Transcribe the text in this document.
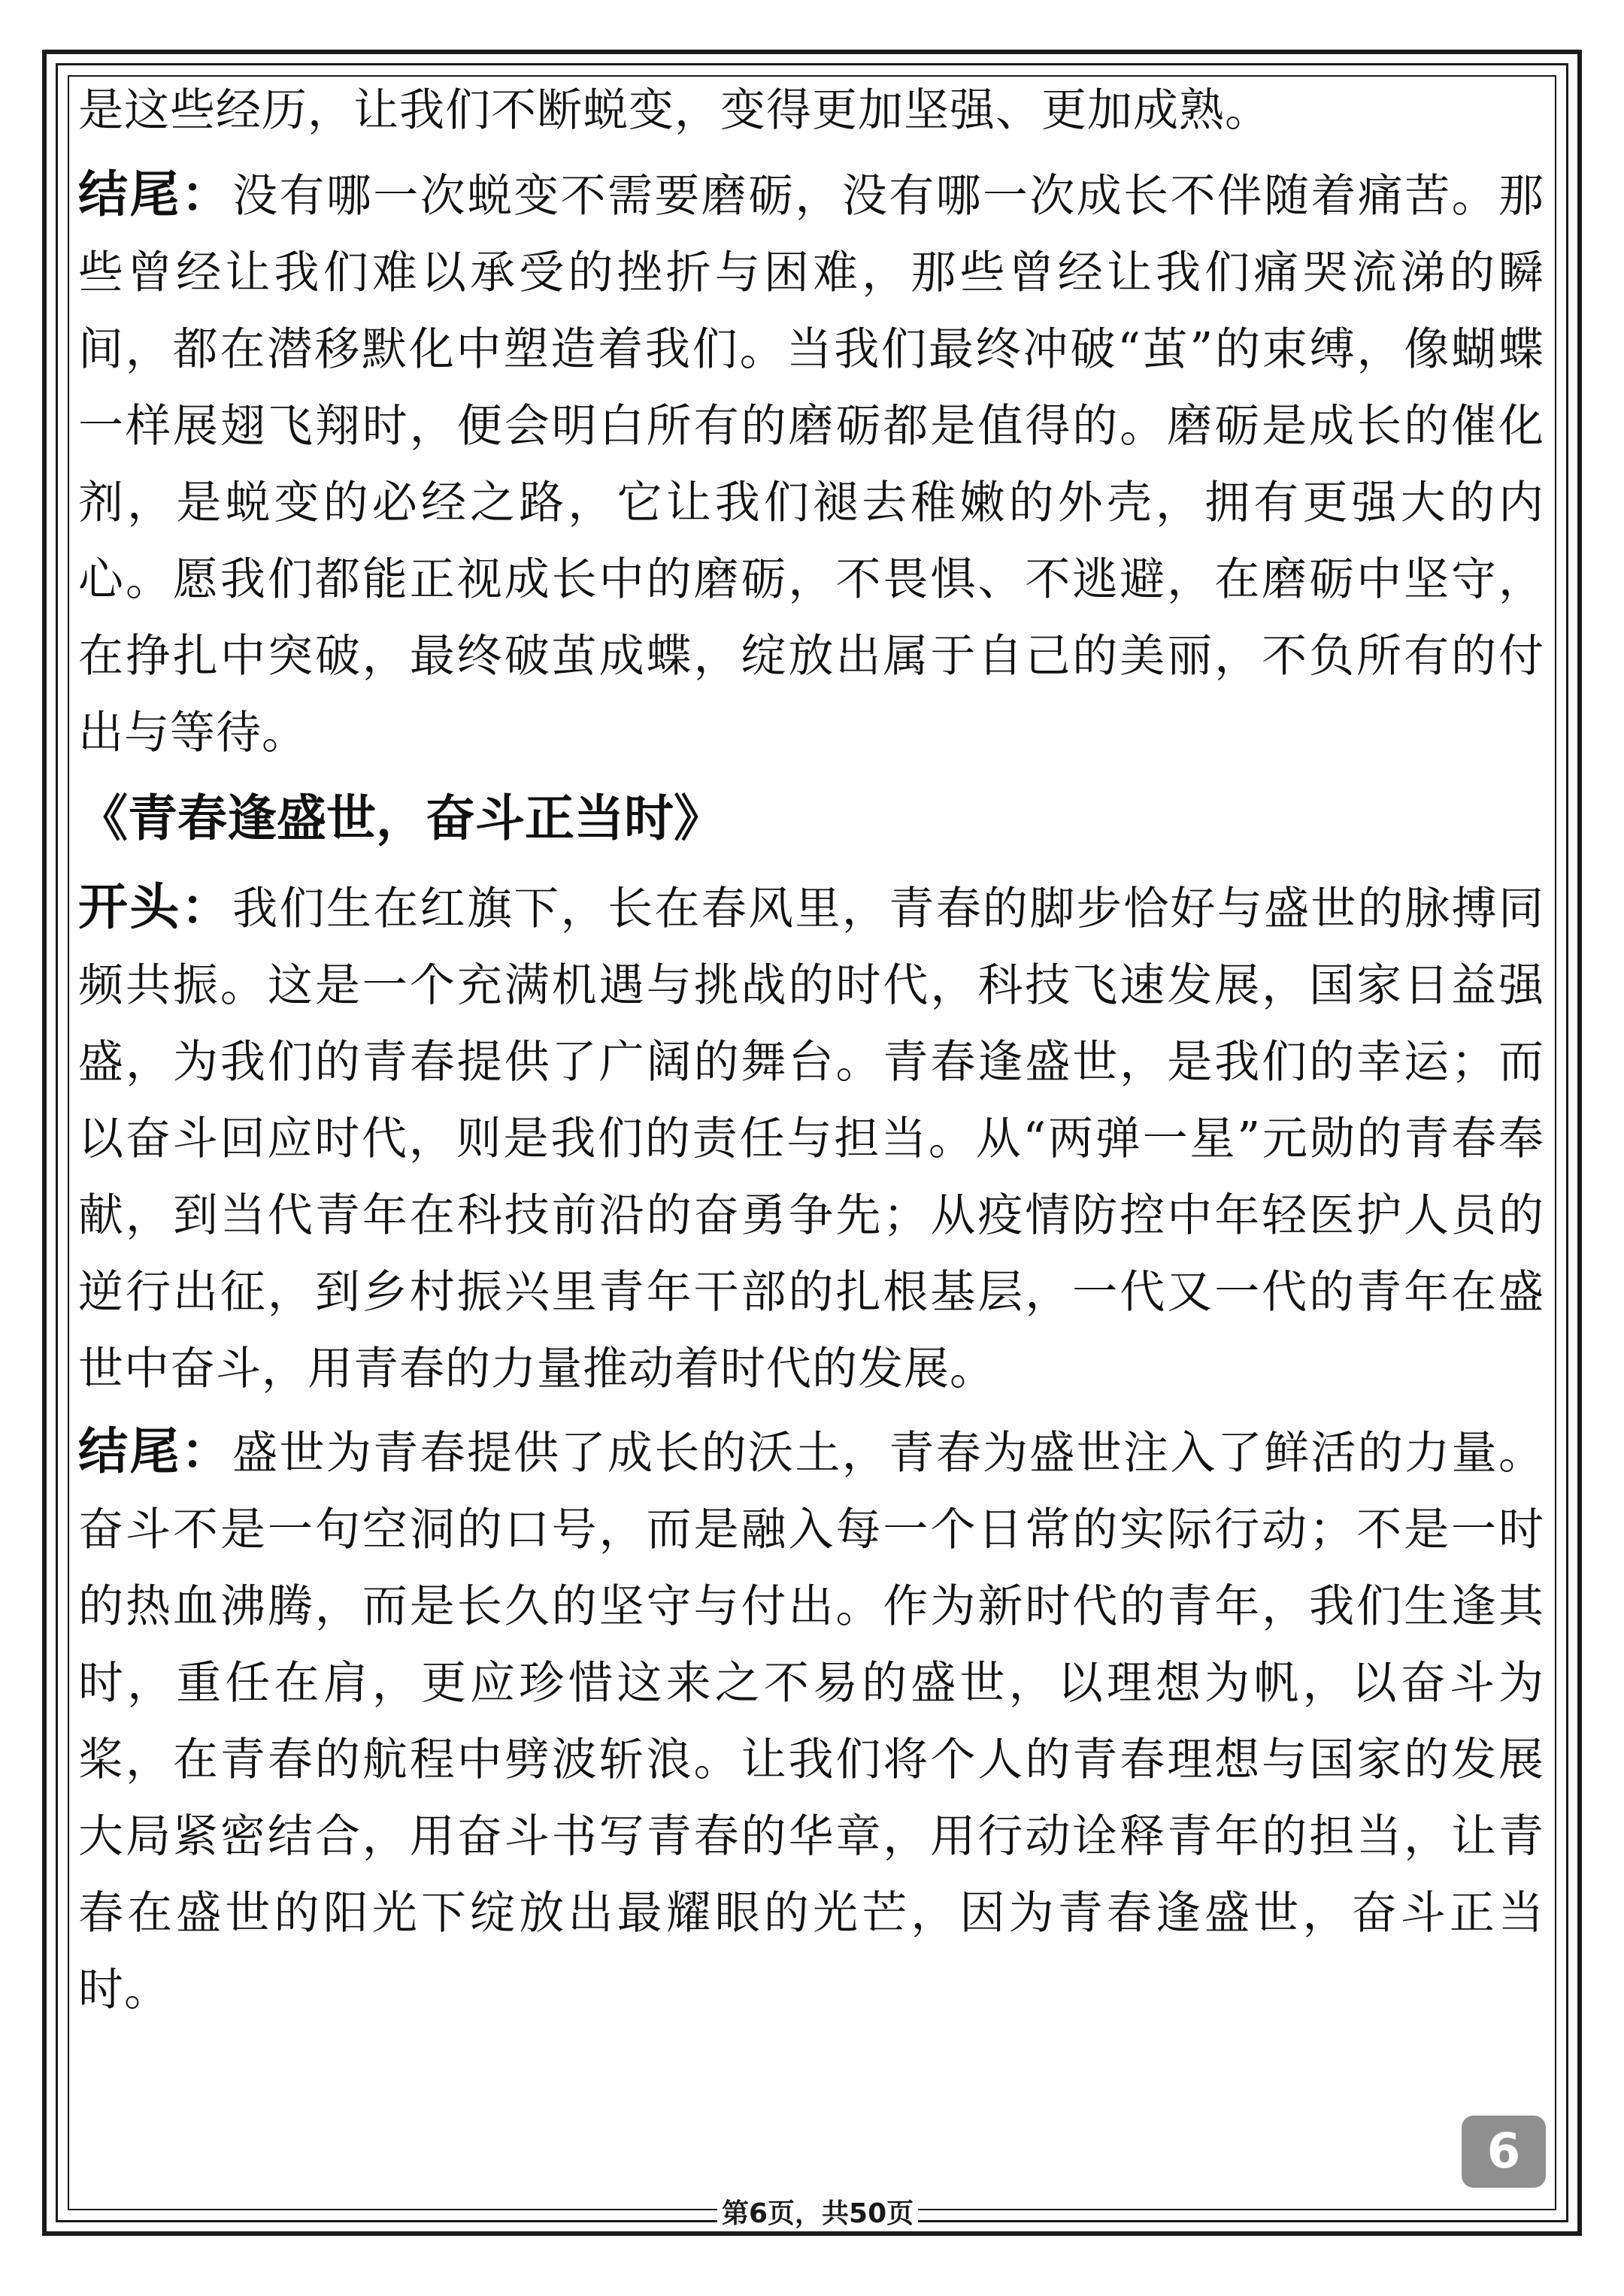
是这些经历，让我们不断蜕变，变得更加坚强、更加成熟。

结尾：没有哪一次蜕变不需要磨砺，没有哪一次成长不伴随着痛苦。那些曾经让我们难以承受的挫折与困难，那些曾经让我们痛哭流涕的瞬间，都在潜移默化中塑造着我们。当我们最终冲破“茧”的束缚，像蝴蝶一样展翅飞翔时，便会明白所有的磨砺都是值得的。磨砺是成长的催化剂，是蜕变的必经之路，它让我们褪去稚嫩的外壳，拥有更强大的内心。愿我们都能正视成长中的磨砺，不畏惧、不逃避，在磨砺中坚守，在挣扎中突破，最终破茧成蝶，绽放出属于自己的美丽，不负所有的付出与等待。

《青春逢盛世，奋斗正当时》

开头：我们生在红旗下，长在春风里，青春的脚步恰好与盛世的脉搏同频共振。这是一个充满机遇与挑战的时代，科技飞速发展，国家日益强盛，为我们的青春提供了广阔的舞台。青春逢盛世，是我们的幸运；而以奋斗回应时代，则是我们的责任与担当。从“两弹一星”元勋的青春奉献，到当代青年在科技前沿的奋勇争先；从疫情防控中年轻医护人员的逆行出征，到乡村振兴里青年干部的扎根基层，一代又一代的青年在盛世中奋斗，用青春的力量推动着时代的发展。

结尾：盛世为青春提供了成长的沃土，青春为盛世注入了鲜活的力量。奋斗不是一句空洞的口号，而是融入每一个日常的实际行动；不是一时的热血沸腾，而是长久的坚守与付出。作为新时代的青年，我们生逢其时，重任在肩，更应珍惜这来之不易的盛世，以理想为帆，以奋斗为桨，在青春的航程中劈波斩浪。让我们将个人的青春理想与国家的发展大局紧密结合，用奋斗书写青春的华章，用行动诠释青年的担当，让青春在盛世的阳光下绽放出最耀眼的光芒，因为青春逢盛世，奋斗正当时。

6
第6页，共50页
